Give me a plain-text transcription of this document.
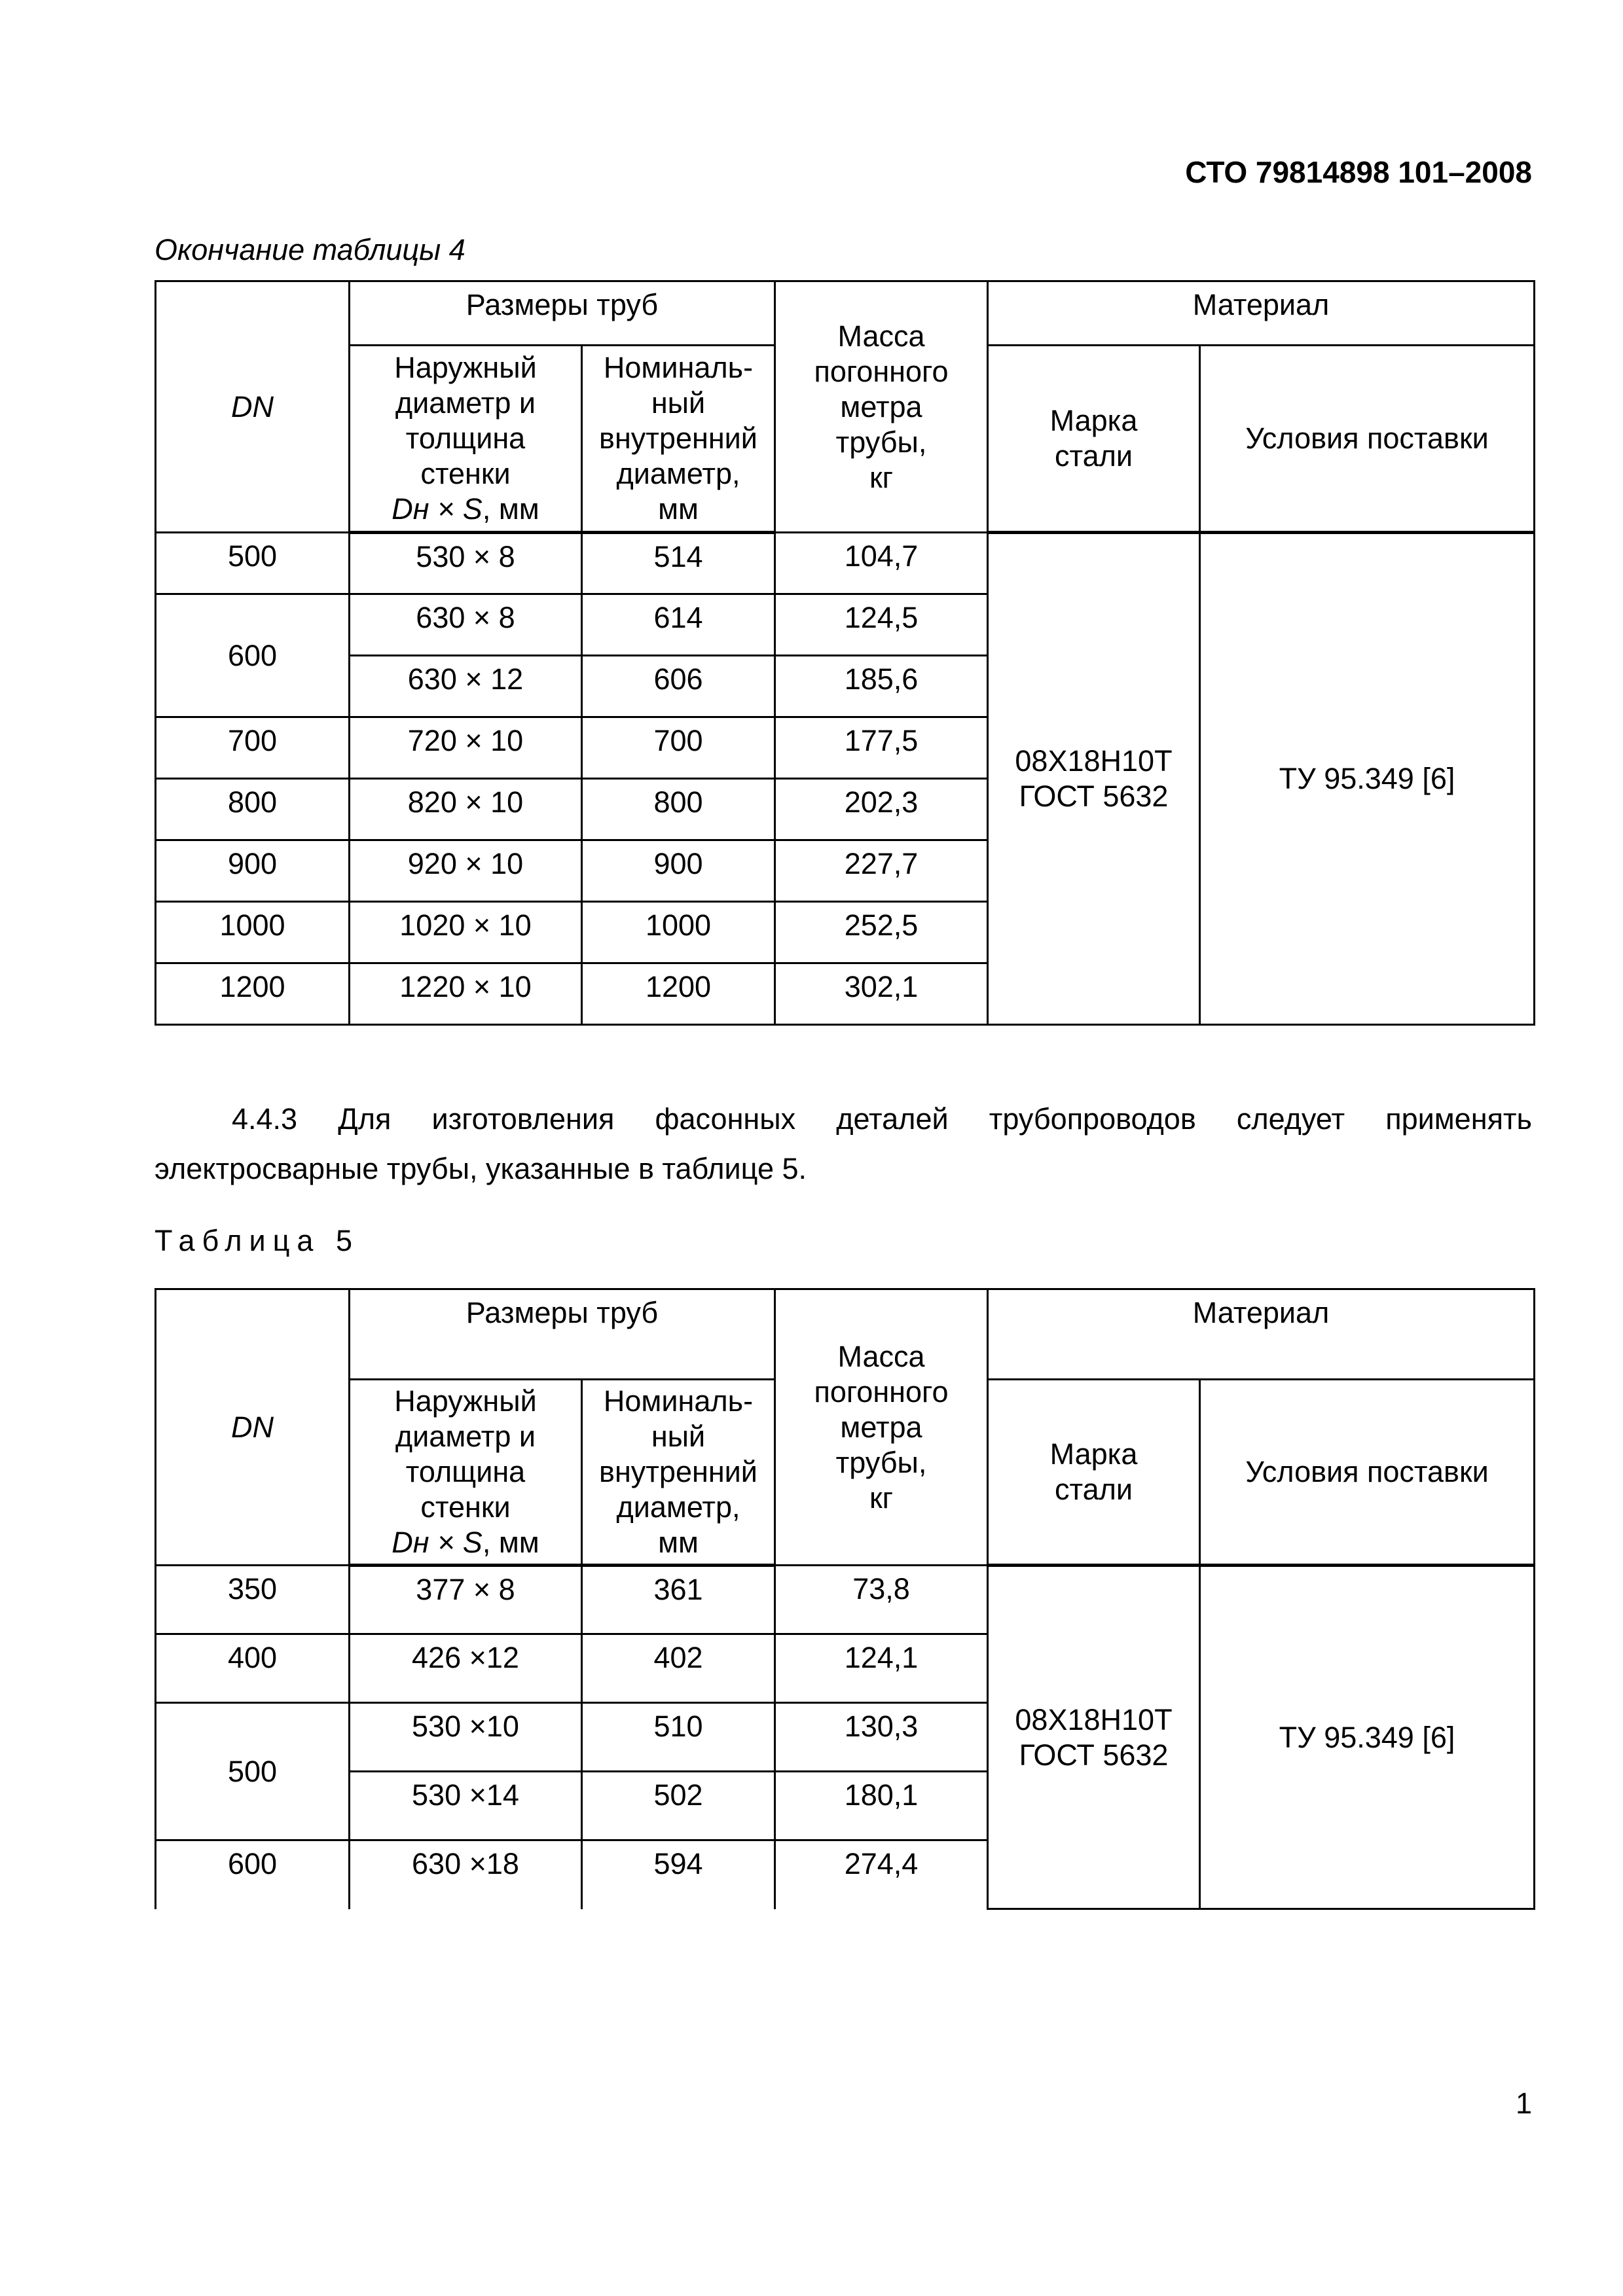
СТО 79814898 101–2008
Окончание таблицы 4
DN	Размеры труб		Масса
погонного
метра
трубы,
кг	Материал	
	Наружный
диаметр и
толщина
стенки
Dн × S, мм	Номиналь-
ный
внутренний
диаметр,
мм		Марка
стали	Условия поставки
500	530 × 8	514	104,7	08Х18Н10Т
ГОСТ 5632	ТУ 95.349 [6]
600	630 × 8	614	124,5		
	630 × 12	606	185,6		
700	720 × 10	700	177,5		
800	820 × 10	800	202,3		
900	920 × 10	900	227,7		
1000	1020 × 10	1000	252,5		
1200	1220 × 10	1200	302,1		
4.4.3 Для изготовления фасонных деталей трубопроводов следует применять электросварные трубы, указанные в таблице 5.
Таблица 5
DN	Размеры труб		Масса
погонного
метра
трубы,
кг	Материал	
	Наружный
диаметр и
толщина
стенки
Dн × S, мм	Номиналь-
ный
внутренний
диаметр,
мм		Марка
стали	Условия поставки
350	377 × 8	361	73,8	08Х18Н10Т
ГОСТ 5632	ТУ 95.349 [6]
400	426 ×12	402	124,1		
500	530 ×10	510	130,3		
	530 ×14	502	180,1		
600	630 ×18	594	274,4		
1
